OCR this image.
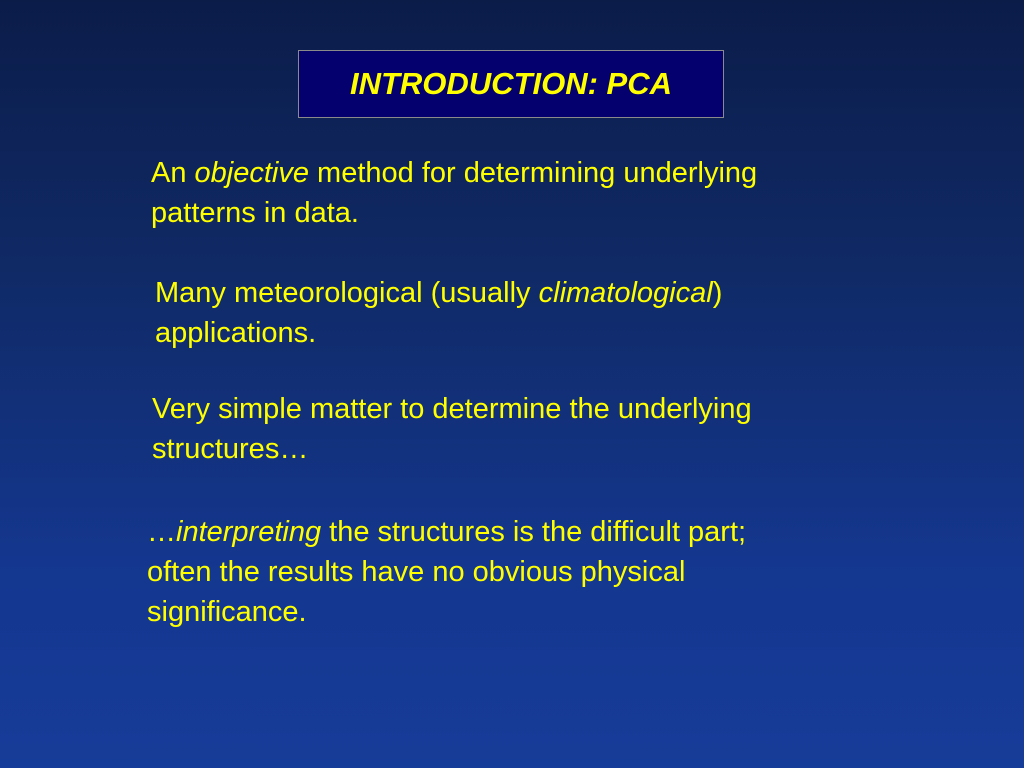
INTRODUCTION: PCA
An objective method for determining underlying
patterns in data.
Many meteorological (usually climatological)
applications.
Very simple matter to determine the underlying
structures…
…interpreting the structures is the difficult part;
often the results have no obvious physical
significance.
